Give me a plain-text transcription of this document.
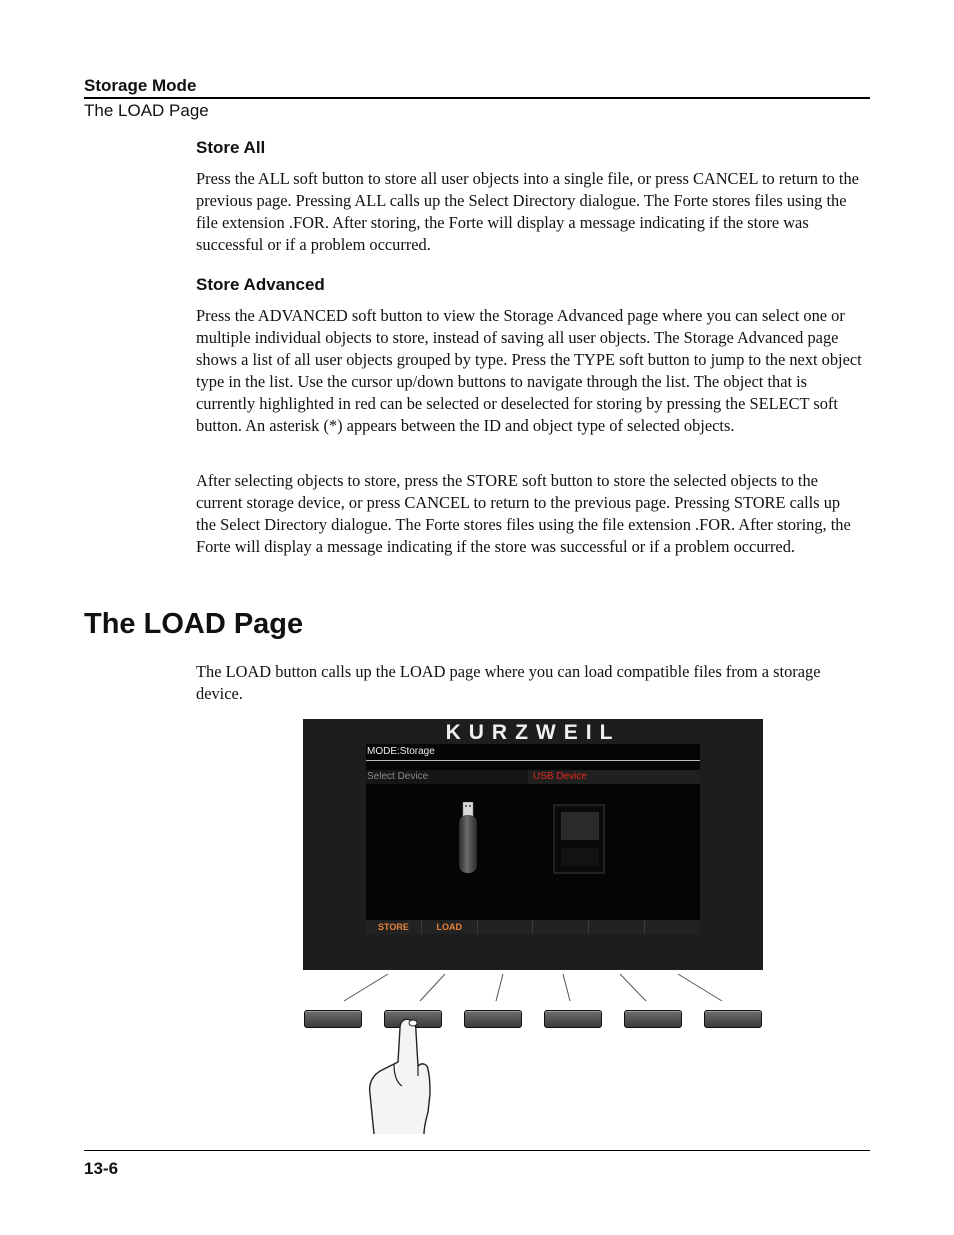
Storage Mode
The LOAD Page
Store All

Press the ALL soft button to store all user objects into a single file, or press CANCEL to return to the previous page. Pressing ALL calls up the Select Directory dialogue. The Forte stores files using the file extension .FOR. After storing, the Forte will display a message indicating if the store was successful or if a problem occurred.

Store Advanced

Press the ADVANCED soft button to view the Storage Advanced page where you can select one or multiple individual objects to store, instead of saving all user objects. The Storage Advanced page shows a list of all user objects grouped by type. Press the TYPE soft button to jump to the next object type in the list. Use the cursor up/down buttons to navigate through the list. The object that is currently highlighted in red can be selected or deselected for storing by pressing the SELECT soft button. An asterisk (*) appears between the ID and object type of selected objects.

After selecting objects to store, press the STORE soft button to store the selected objects to the current storage device, or press CANCEL to return to the previous page. Pressing STORE calls up the Select Directory dialogue. The Forte stores files using the file extension .FOR. After storing, the Forte will display a message indicating if the store was successful or if a problem occurred.

The LOAD Page

The LOAD button calls up the LOAD page where you can load compatible files from a storage device.

KURZWEIL
MODE:Storage
Select Device	USB Device
STORE	LOAD
13-6
